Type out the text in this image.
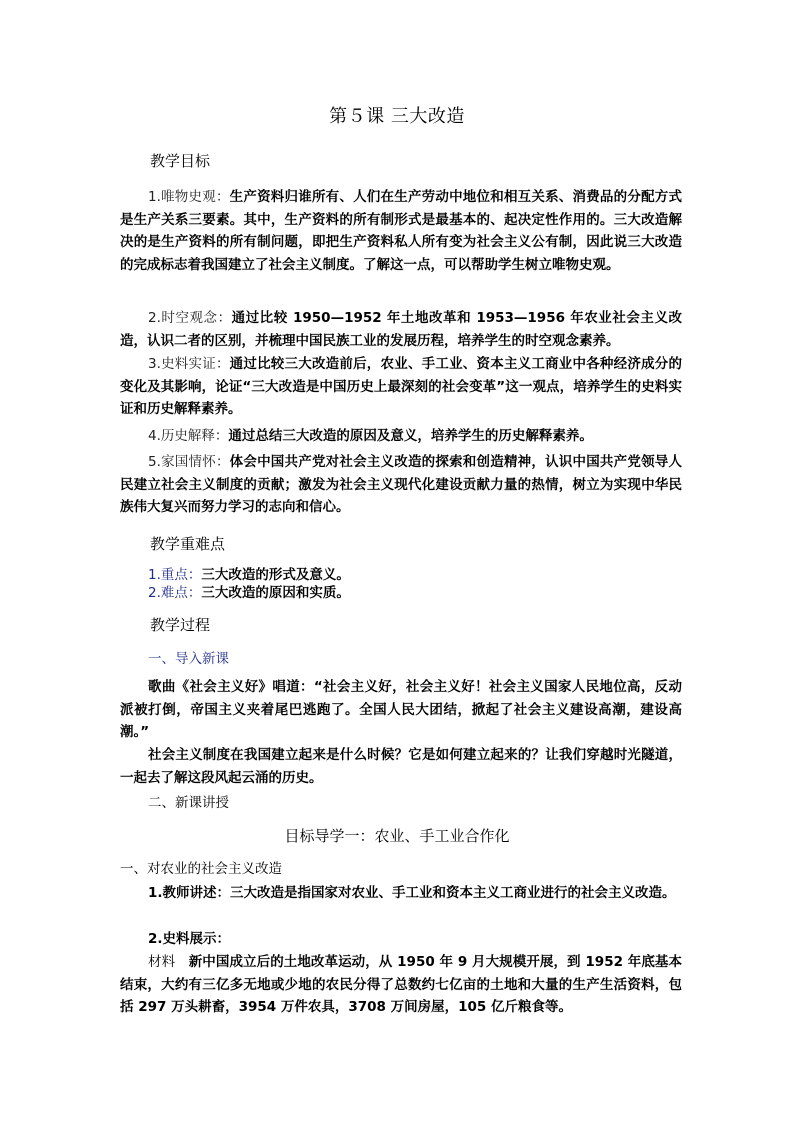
第５课 三大改造
教学目标

1.唯物史观：生产资料归谁所有、人们在生产劳动中地位和相互关系、消费品的分配方式是生产关系三要素。其中，生产资料的所有制形式是最基本的、起决定性作用的。三大改造解决的是生产资料的所有制问题，即把生产资料私人所有变为社会主义公有制，因此说三大改造的完成标志着我国建立了社会主义制度。了解这一点，可以帮助学生树立唯物史观。

2.时空观念：通过比较 1950—1952 年土地改革和 1953—1956 年农业社会主义改造，认识二者的区别，并梳理中国民族工业的发展历程，培养学生的时空观念素养。

3.史料实证：通过比较三大改造前后，农业、手工业、资本主义工商业中各种经济成分的变化及其影响，论证“三大改造是中国历史上最深刻的社会变革”这一观点，培养学生的史料实证和历史解释素养。

4.历史解释：通过总结三大改造的原因及意义，培养学生的历史解释素养。

5.家国情怀：体会中国共产党对社会主义改造的探索和创造精神，认识中国共产党领导人民建立社会主义制度的贡献；激发为社会主义现代化建设贡献力量的热情，树立为实现中华民族伟大复兴而努力学习的志向和信心。

教学重难点
1.重点：三大改造的形式及意义。
2.难点：三大改造的原因和实质。
教学过程
一、导入新课

歌曲《社会主义好》唱道：“社会主义好，社会主义好！社会主义国家人民地位高，反动派被打倒，帝国主义夹着尾巴逃跑了。全国人民大团结，掀起了社会主义建设高潮，建设高潮。”

社会主义制度在我国建立起来是什么时候？它是如何建立起来的？让我们穿越时光隧道，一起去了解这段风起云涌的历史。

二、新课讲授
目标导学一：农业、手工业合作化
一、对农业的社会主义改造

1.教师讲述：三大改造是指国家对农业、手工业和资本主义工商业进行的社会主义改造。

2.史料展示：

材料　新中国成立后的土地改革运动，从 1950 年 9 月大规模开展，到 1952 年底基本结束，大约有三亿多无地或少地的农民分得了总数约七亿亩的土地和大量的生产生活资料，包括 297 万头耕畜，3954 万件农具，3708 万间房屋，105 亿斤粮食等。
